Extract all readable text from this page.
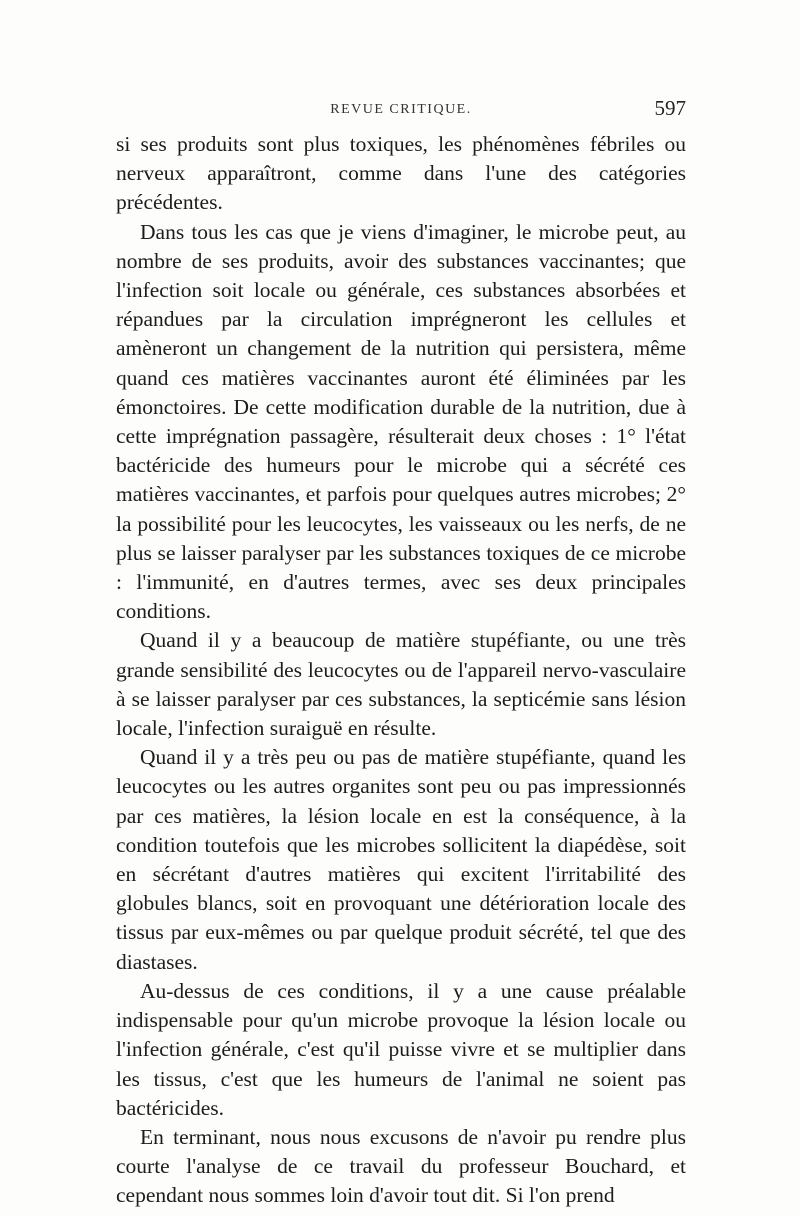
REVUE CRITIQUE.	597

si ses produits sont plus toxiques, les phénomènes fébriles ou nerveux apparaîtront, comme dans l'une des catégories précédentes.

Dans tous les cas que je viens d'imaginer, le microbe peut, au nombre de ses produits, avoir des substances vaccinantes; que l'infection soit locale ou générale, ces substances absorbées et répandues par la circulation imprégneront les cellules et amèneront un changement de la nutrition qui persistera, même quand ces matières vaccinantes auront été éliminées par les émonctoires. De cette modification durable de la nutrition, due à cette imprégnation passagère, résulterait deux choses : 1° l'état bactéricide des humeurs pour le microbe qui a sécrété ces matières vaccinantes, et parfois pour quelques autres microbes; 2° la possibilité pour les leucocytes, les vaisseaux ou les nerfs, de ne plus se laisser paralyser par les substances toxiques de ce microbe : l'immunité, en d'autres termes, avec ses deux principales conditions.

Quand il y a beaucoup de matière stupéfiante, ou une très grande sensibilité des leucocytes ou de l'appareil nervo-vasculaire à se laisser paralyser par ces substances, la septicémie sans lésion locale, l'infection suraiguë en résulte.

Quand il y a très peu ou pas de matière stupéfiante, quand les leucocytes ou les autres organites sont peu ou pas impressionnés par ces matières, la lésion locale en est la conséquence, à la condition toutefois que les microbes sollicitent la diapédèse, soit en sécrétant d'autres matières qui excitent l'irritabilité des globules blancs, soit en provoquant une détérioration locale des tissus par eux-mêmes ou par quelque produit sécrété, tel que des diastases.

Au-dessus de ces conditions, il y a une cause préalable indispensable pour qu'un microbe provoque la lésion locale ou l'infection générale, c'est qu'il puisse vivre et se multiplier dans les tissus, c'est que les humeurs de l'animal ne soient pas bactéricides.

En terminant, nous nous excusons de n'avoir pu rendre plus courte l'analyse de ce travail du professeur Bouchard, et cependant nous sommes loin d'avoir tout dit. Si l'on prend
